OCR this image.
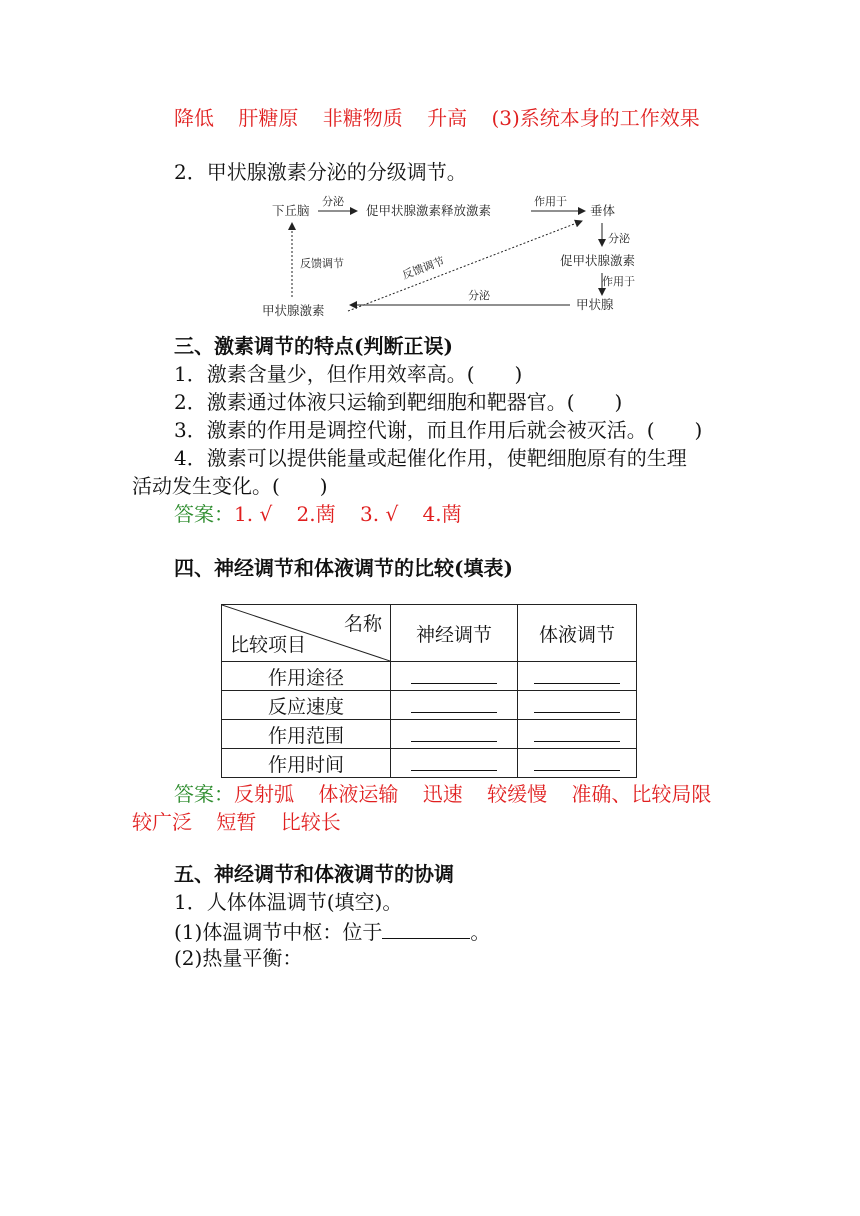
降低 肝糖原 非糖物质 升高 (3)系统本身的工作效果
2．甲状腺激素分泌的分级调节。
下丘脑
分泌
促甲状腺激素释放激素
作用于
垂体
分泌
促甲状腺激素
作用于
甲状腺
分泌
甲状腺激素
反馈调节	反馈调节
三、激素调节的特点(判断正误)
1．激素含量少，但作用效率高。(　　)
2．激素通过体液只运输到靶细胞和靶器官。(　　)
3．激素的作用是调控代谢，而且作用后就会被灭活。(　　)
4．激素可以提供能量或起催化作用，使靶细胞原有的生理
活动发生变化。(　　)
答案：1. √ 2.菵 3. √ 4.菵
四、神经调节和体液调节的比较(填表)
名称
比较项目	神经调节	体液调节
作用途径		
反应速度		
作用范围		
作用时间		
答案：反射弧 体液运输 迅速 较缓慢 准确、比较局限
较广泛 短暂 比较长
五、神经调节和体液调节的协调
1．人体体温调节(填空)。
(1)体温调节中枢：位于	。
(2)热量平衡：
